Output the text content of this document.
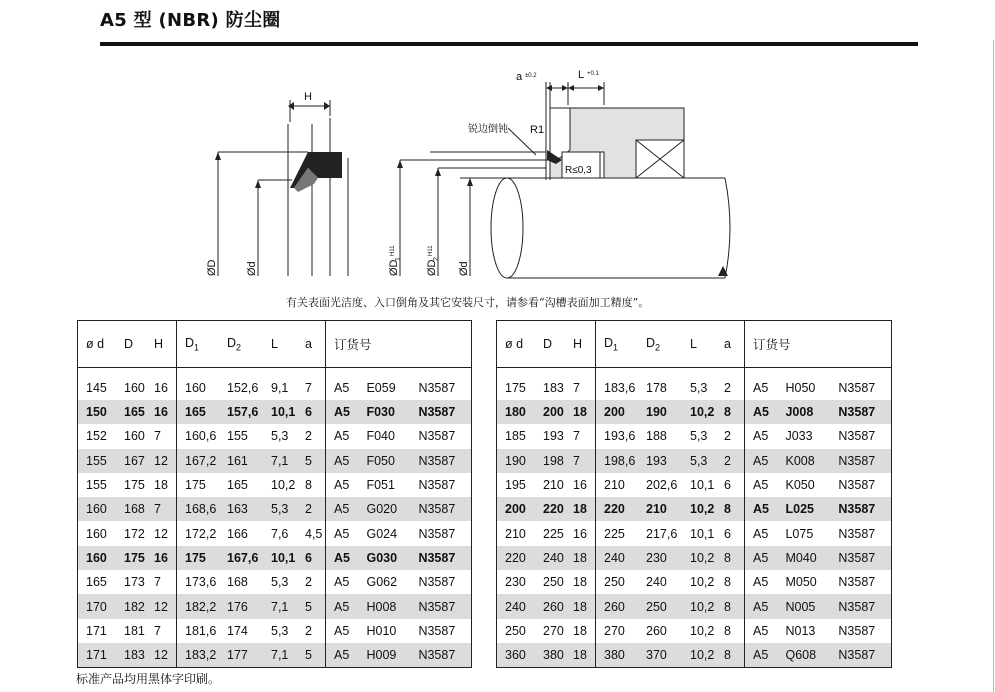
A5 型 (NBR) 防尘圈
H
a ±0.2	L +0.1
锐边倒钝 R1
R≤0,3
ØD	Ød	ØD
1
H11
ØD
2
H11
Ød
有关表面光洁度、入口倒角及其它安装尺寸，请参看“沟槽表面加工精度”。
ø d	D	H	$D_1$	$D_2$	L	a	订货号		
145	160	16	160	152,6	9,1	7	A5	E059	N3587
150	165	16	165	157,6	10,1	6	A5	F030	N3587
152	160	7	160,6	155	5,3	2	A5	F040	N3587
155	167	12	167,2	161	7,1	5	A5	F050	N3587
155	175	18	175	165	10,2	8	A5	F051	N3587
160	168	7	168,6	163	5,3	2	A5	G020	N3587
160	172	12	172,2	166	7,6	4,5	A5	G024	N3587
160	175	16	175	167,6	10,1	6	A5	G030	N3587
165	173	7	173,6	168	5,3	2	A5	G062	N3587
170	182	12	182,2	176	7,1	5	A5	H008	N3587
171	181	7	181,6	174	5,3	2	A5	H010	N3587
171	183	12	183,2	177	7,1	5	A5	H009	N3587
ø d	D	H	$D_1$	$D_2$	L	a	订货号		
175	183	7	183,6	178	5,3	2	A5	H050	N3587
180	200	18	200	190	10,2	8	A5	J008	N3587
185	193	7	193,6	188	5,3	2	A5	J033	N3587
190	198	7	198,6	193	5,3	2	A5	K008	N3587
195	210	16	210	202,6	10,1	6	A5	K050	N3587
200	220	18	220	210	10,2	8	A5	L025	N3587
210	225	16	225	217,6	10,1	6	A5	L075	N3587
220	240	18	240	230	10,2	8	A5	M040	N3587
230	250	18	250	240	10,2	8	A5	M050	N3587
240	260	18	260	250	10,2	8	A5	N005	N3587
250	270	18	270	260	10,2	8	A5	N013	N3587
360	380	18	380	370	10,2	8	A5	Q608	N3587
标准产品均用黑体字印刷。
